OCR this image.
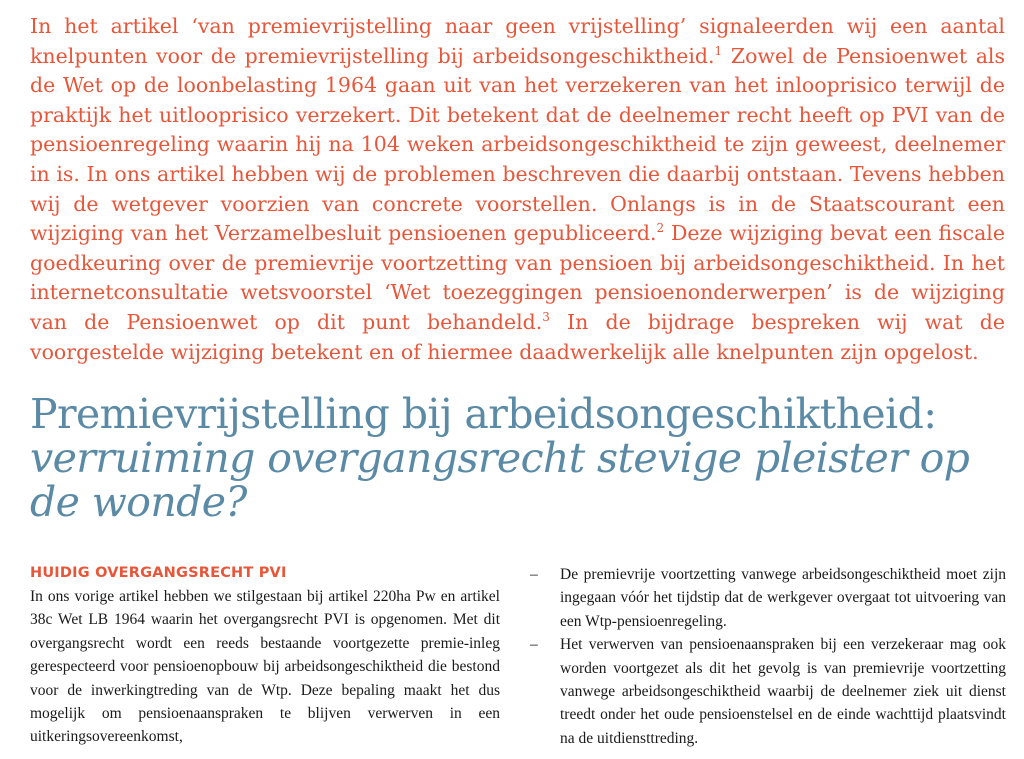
In het artikel ‘van premievrijstelling naar geen vrijstelling’ signaleerden wij een aantal knelpunten voor de premievrijstelling bij arbeidsongeschiktheid.$^1$ Zowel de Pensioenwet als de Wet op de loonbelasting 1964 gaan uit van het verzekeren van het inlooprisico terwijl de praktijk het uitlooprisico verzekert. Dit betekent dat de deelnemer recht heeft op PVI van de pensioenregeling waarin hij na 104 weken arbeidsongeschiktheid te zijn geweest, deelnemer in is. In ons artikel hebben wij de problemen beschreven die daarbij ontstaan. Tevens hebben wij de wetgever voorzien van concrete voorstellen. Onlangs is in de Staatscourant een wijziging van het Verzamelbesluit pensioenen gepubliceerd.$^2$ Deze wijziging bevat een fiscale goedkeuring over de premievrije voortzetting van pensioen bij arbeidsongeschiktheid. In het internetconsultatie wetsvoorstel ‘Wet toezeggingen pensioenonderwerpen’ is de wijziging van de Pensioenwet op dit punt behandeld.$^3$ In de bijdrage bespreken wij wat de voorgestelde wijziging betekent en of hiermee daadwerkelijk alle knelpunten zijn opgelost.

Premievrijstelling bij arbeidsongeschiktheid:
verruiming overgangsrecht stevige pleister op de wonde?
HUIDIG OVERGANGSRECHT PVI

In ons vorige artikel hebben we stilgestaan bij artikel 220ha Pw en artikel 38c Wet LB 1964 waarin het overgangsrecht PVI is opgenomen. Met dit overgangsrecht wordt een reeds bestaande voortgezette premie-inleg gerespecteerd voor pensioenopbouw bij arbeidsongeschiktheid die bestond voor de inwerkingtreding van de Wtp. Deze bepaling maakt het dus mogelijk om pensioenaanspraken te blijven verwerven in een uitkeringsovereenkomst,

– De premievrije voortzetting vanwege arbeidsongeschiktheid moet zijn ingegaan vóór het tijdstip dat de werkgever overgaat tot uitvoering van een Wtp-pensioenregeling.
– Het verwerven van pensioenaanspraken bij een verzekeraar mag ook worden voortgezet als dit het gevolg is van premievrije voortzetting vanwege arbeidsongeschiktheid waarbij de deelnemer ziek uit dienst treedt onder het oude pensioenstelsel en de einde wachttijd plaatsvindt na de uitdiensttreding.
